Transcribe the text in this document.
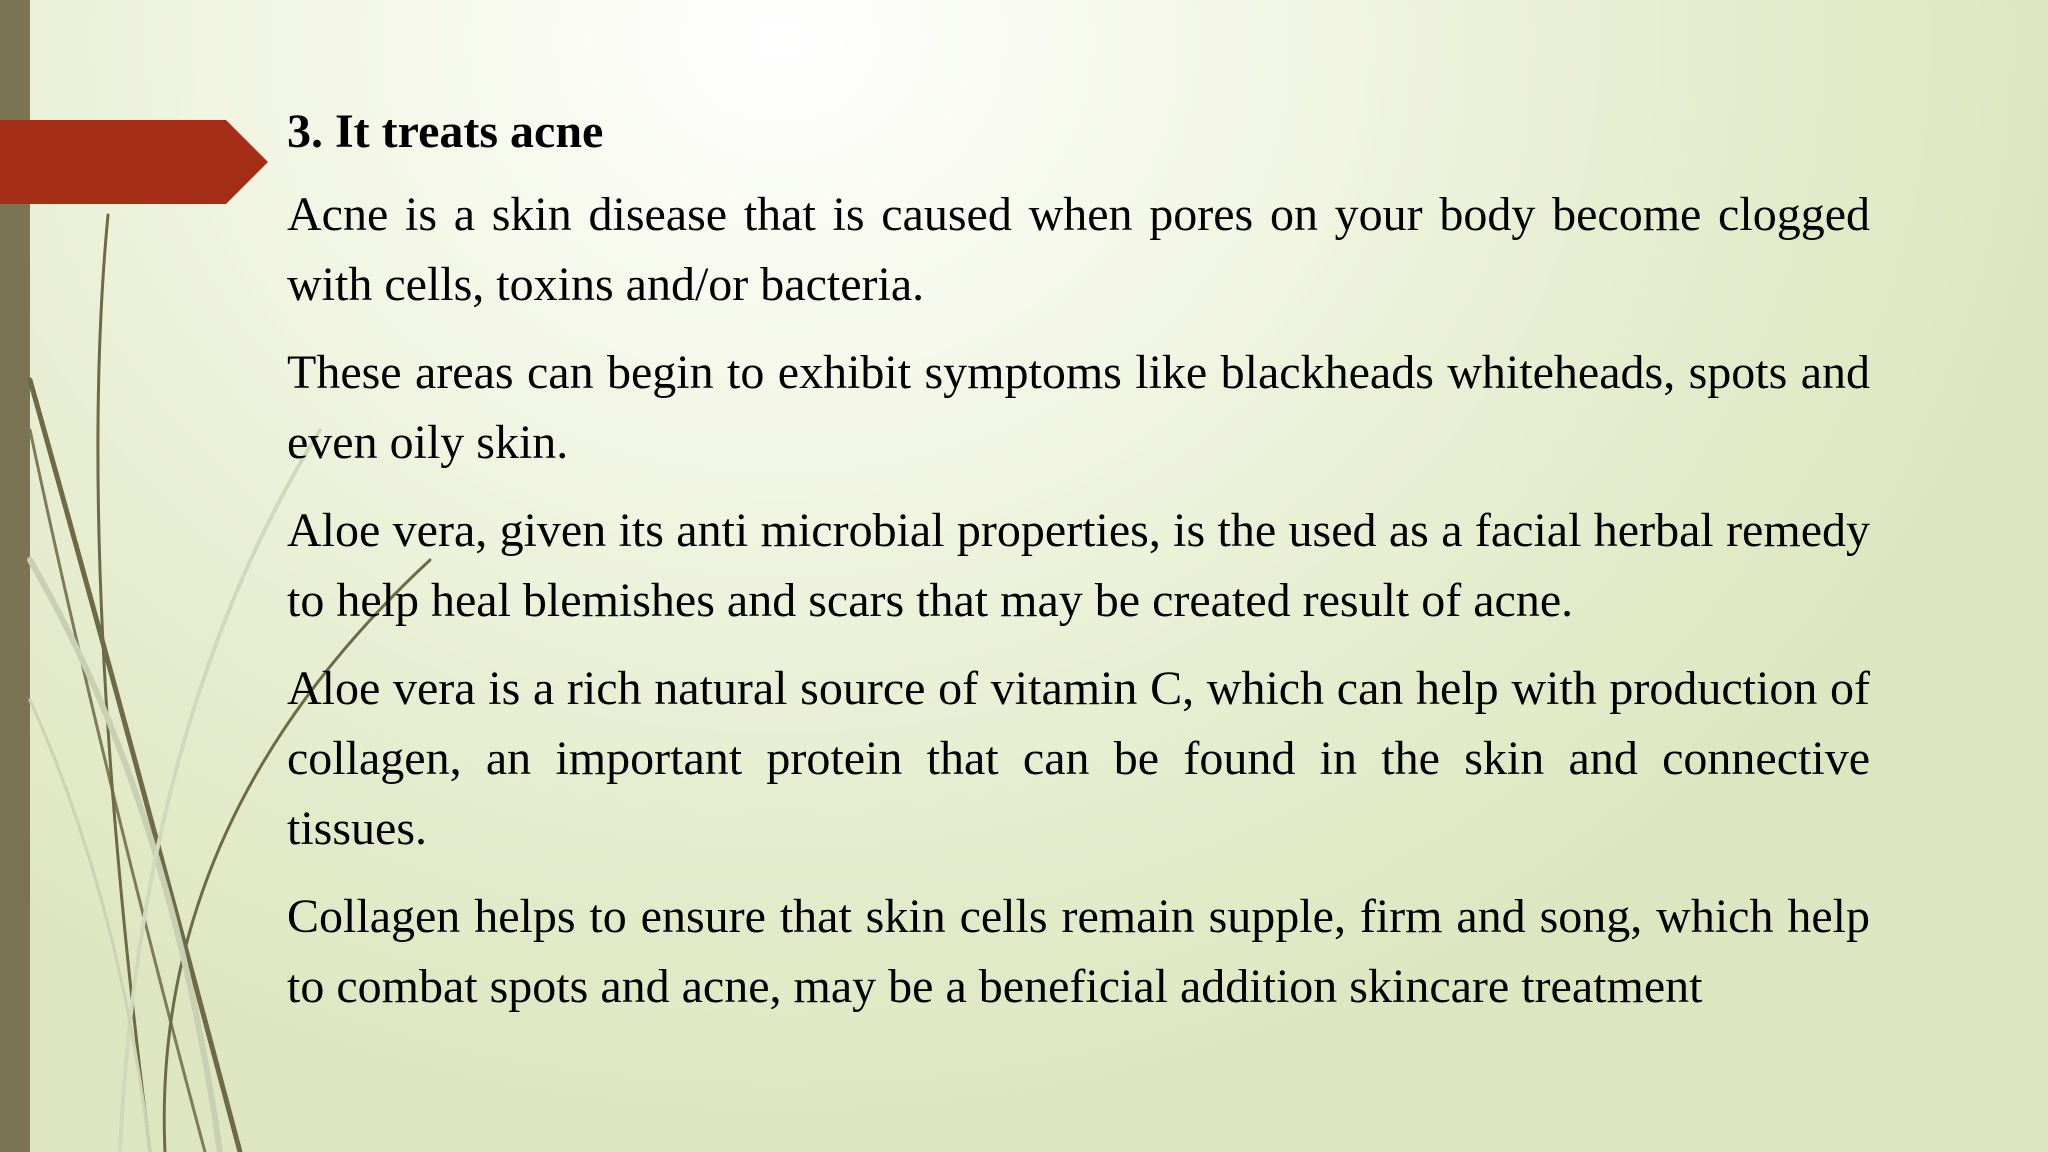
3. It treats acne
Acne is a skin disease that is caused when pores on your body become clogged with cells, toxins and/or bacteria.
These areas can begin to exhibit symptoms like blackheads whiteheads, spots and even oily skin.
Aloe vera, given its anti microbial properties, is the used as a facial herbal remedy to help heal blemishes and scars that may be created result of acne.
Aloe vera is a rich natural source of vitamin C, which can help with production of collagen, an important protein that can be found in the skin and connective tissues.
Collagen helps to ensure that skin cells remain supple, firm and song, which help to combat spots and acne, may be a beneficial addition skincare treatment
